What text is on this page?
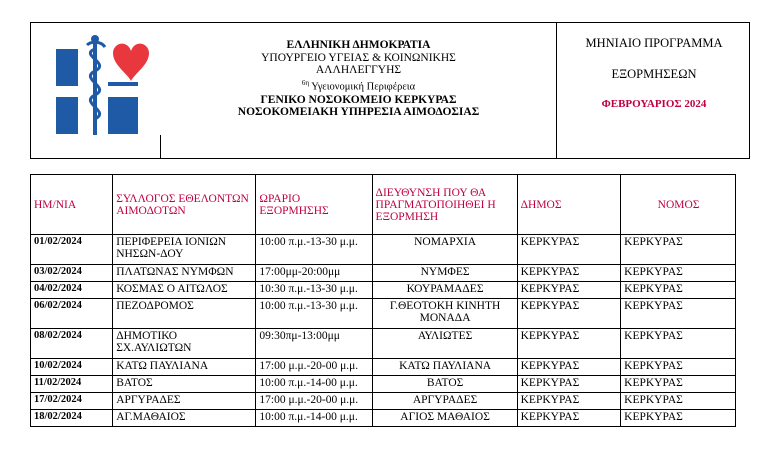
ΕΛΛΗΝΙΚΗ ΔΗΜΟΚΡΑΤΙΑ
ΥΠΟΥΡΓΕΙΟ ΥΓΕΙΑΣ & ΚΟΙΝΩΝΙΚΗΣ
ΑΛΛΗΛΕΓΓΥΗΣ
$^{6\eta}$ Υγειονομική Περιφέρεια
ΓΕΝΙΚΟ ΝΟΣΟΚΟΜΕΙΟ ΚΕΡΚΥΡΑΣ
ΝΟΣΟΚΟΜΕΙΑΚΗ ΥΠΗΡΕΣΙΑ ΑΙΜΟΔΟΣΙΑΣ
ΜΗΝΙΑΙΟ ΠΡΟΓΡΑΜΜΑ
ΕΞΟΡΜΗΣΕΩΝ
ΦΕΒΡΟΥΑΡΙΟΣ 2024
ΗΜ/ΝΙΑ	ΣΥΛΛΟΓΟΣ ΕΘΕΛΟΝΤΩΝ ΑΙΜΟΔΟΤΩΝ	ΩΡΑΡΙΟ ΕΞΟΡΜΗΣΗΣ	ΔΙΕΥΘΥΝΣΗ ΠΟΥ ΘΑ ΠΡΑΓΜΑΤΟΠΟΙΗΘΕΙ Η ΕΞΟΡΜΗΣΗ	ΔΗΜΟΣ	ΝΟΜΟΣ
01/02/2024	ΠΕΡΙΦΕΡΕΙΑ ΙΟΝΙΩΝ ΝΗΣΩΝ-ΔΟΥ	10:00 π.μ.-13-30 μ.μ.	ΝΟΜΑΡΧΙΑ	ΚΕΡΚΥΡΑΣ	ΚΕΡΚΥΡΑΣ
03/02/2024	ΠΛΑΤΩΝΑΣ ΝΥΜΦΩΝ	17:00μμ-20:00μμ	ΝΥΜΦΕΣ	ΚΕΡΚΥΡΑΣ	ΚΕΡΚΥΡΑΣ
04/02/2024	ΚΟΣΜΑΣ Ο ΑΙΤΩΛΟΣ	10:30 π.μ.-13-30 μ.μ.	ΚΟΥΡΑΜΑΔΕΣ	ΚΕΡΚΥΡΑΣ	ΚΕΡΚΥΡΑΣ
06/02/2024	ΠΕΖΟΔΡΟΜΟΣ	10:00 π.μ.-13-30 μ.μ.	Γ.ΘΕΟΤΟΚΗ ΚΙΝΗΤΗ ΜΟΝΑΔΑ	ΚΕΡΚΥΡΑΣ	ΚΕΡΚΥΡΑΣ
08/02/2024	ΔΗΜΟΤΙΚΟ ΣΧ.ΑΥΛΙΩΤΩΝ	09:30πμ-13:00μμ	ΑΥΛΙΩΤΕΣ	ΚΕΡΚΥΡΑΣ	ΚΕΡΚΥΡΑΣ
10/02/2024	ΚΑΤΩ ΠΑΥΛΙΑΝΑ	17:00 μ.μ.-20-00 μ.μ.	ΚΑΤΩ ΠΑΥΛΙΑΝΑ	ΚΕΡΚΥΡΑΣ	ΚΕΡΚΥΡΑΣ
11/02/2024	ΒΑΤΟΣ	10:00 π.μ.-14-00 μ.μ.	ΒΑΤΟΣ	ΚΕΡΚΥΡΑΣ	ΚΕΡΚΥΡΑΣ
17/02/2024	ΑΡΓΥΡΑΔΕΣ	17:00 μ.μ.-20-00 μ.μ.	ΑΡΓΥΡΑΔΕΣ	ΚΕΡΚΥΡΑΣ	ΚΕΡΚΥΡΑΣ
18/02/2024	ΑΓ.ΜΑΘΑΙΟΣ	10:00 π.μ.-14-00 μ.μ.	ΑΓΙΟΣ ΜΑΘΑΙΟΣ	ΚΕΡΚΥΡΑΣ	ΚΕΡΚΥΡΑΣ
